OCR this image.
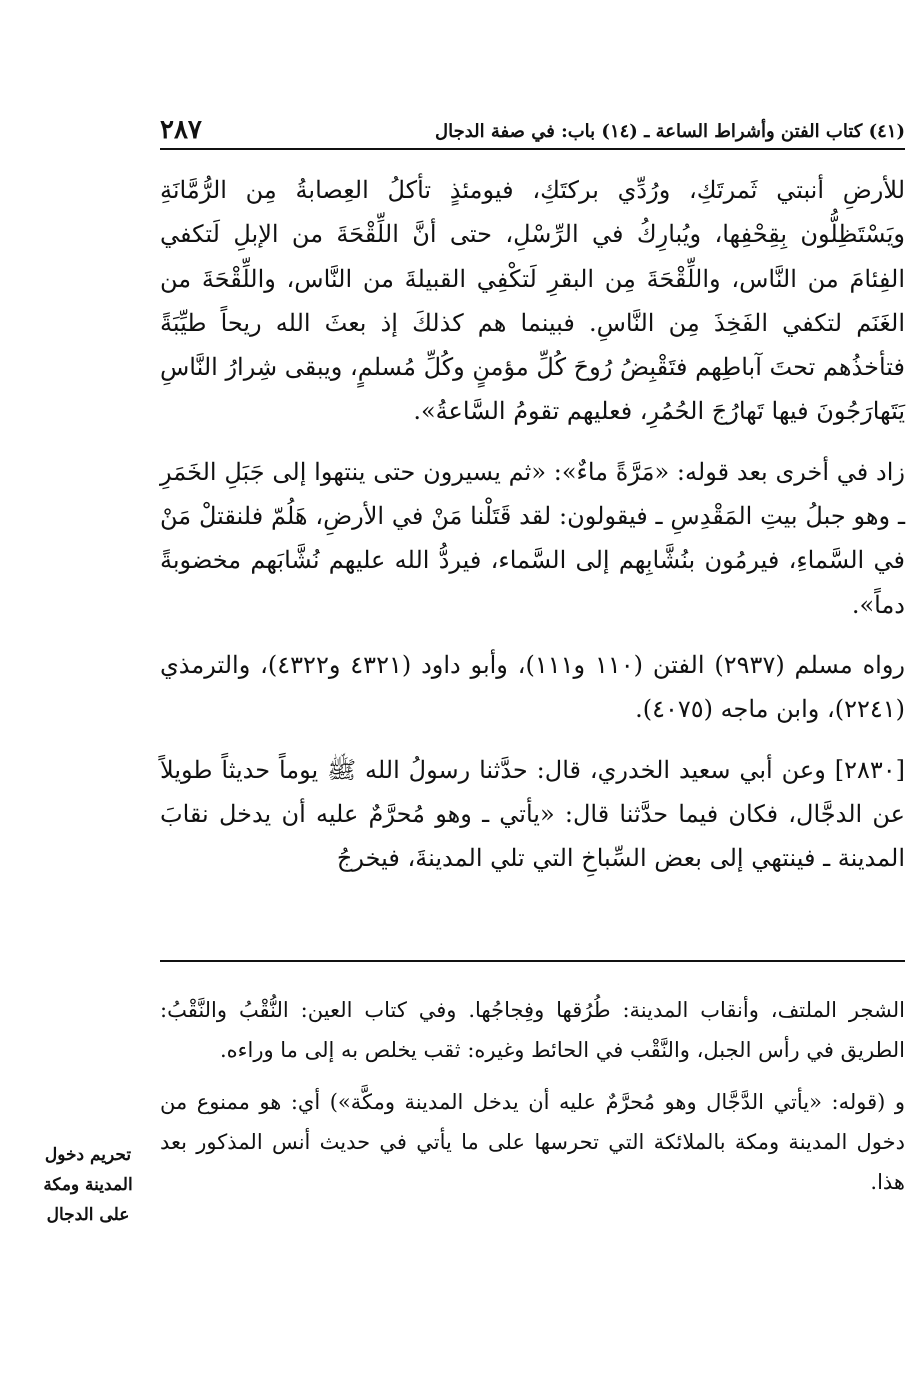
(٤١) كتاب الفتن وأشراط الساعة ـ (١٤) باب: في صفة الدجال
٢٨٧

للأرضِ أنبتي ثَمرتَكِ، ورُدِّي بركتَكِ، فيومئذٍ تأكلُ العِصابةُ مِن الرُّمَّانَةِ ويَسْتَظِلُّون بِقِحْفِها، ويُبارِكُ في الرِّسْلِ، حتى أنَّ اللِّقْحَةَ من الإبلِ لَتكفي الفِئامَ من النَّاس، واللِّقْحَةَ مِن البقرِ لَتكْفِي القبيلةَ من النَّاس، واللِّقْحَةَ من الغَنَم لتكفي الفَخِذَ مِن النَّاسِ. فبينما هم كذلكَ إذ بعثَ الله ريحاً طيِّبَةً فتأخذُهم تحتَ آباطِهم فتَقْبِضُ رُوحَ كُلِّ مؤمنٍ وكُلِّ مُسلمٍ، ويبقى شِرارُ النَّاسِ يَتَهارَجُونَ فيها تَهارُجَ الحُمُرِ، فعليهم تقومُ السَّاعةُ».

زاد في أخرى بعد قوله: «مَرَّةً ماءٌ»: «ثم يسيرون حتى ينتهوا إلى جَبَلِ الخَمَرِ ـ وهو جبلُ بيتِ المَقْدِسِ ـ فيقولون: لقد قَتَلْنا مَنْ في الأرضِ، هَلُمّ فلنقتلْ مَنْ في السَّماءِ، فيرمُون بنُشَّابِهم إلى السَّماء، فيردُّ الله عليهم نُشَّابَهم مخضوبةً دماً».

رواه مسلم (٢٩٣٧) الفتن (١١٠ و١١١)، وأبو داود (٤٣٢١ و٤٣٢٢)، والترمذي (٢٢٤١)، وابن ماجه (٤٠٧٥).

[٢٨٣٠] وعن أبي سعيد الخدري، قال: حدَّثنا رسولُ الله ﷺ يوماً حديثاً طويلاً عن الدجَّال، فكان فيما حدَّثنا قال: «يأتي ـ وهو مُحرَّمٌ عليه أن يدخل نقابَ المدينة ـ فينتهي إلى بعض السِّباخِ التي تلي المدينةَ، فيخرجُ

الشجر الملتف، وأنقاب المدينة: طُرُقها وفِجاجُها. وفي كتاب العين: النُّقْبُ والنَّقْبُ: الطريق في رأس الجبل، والنَّقْب في الحائط وغيره: ثقب يخلص به إلى ما وراءه.

و (قوله: «يأتي الدَّجَّال وهو مُحرَّمٌ عليه أن يدخل المدينة ومكَّة») أي: هو ممنوع من دخول المدينة ومكة بالملائكة التي تحرسها على ما يأتي في حديث أنس المذكور بعد هذا.

تحريم دخول
المدينة ومكة
على الدجال
